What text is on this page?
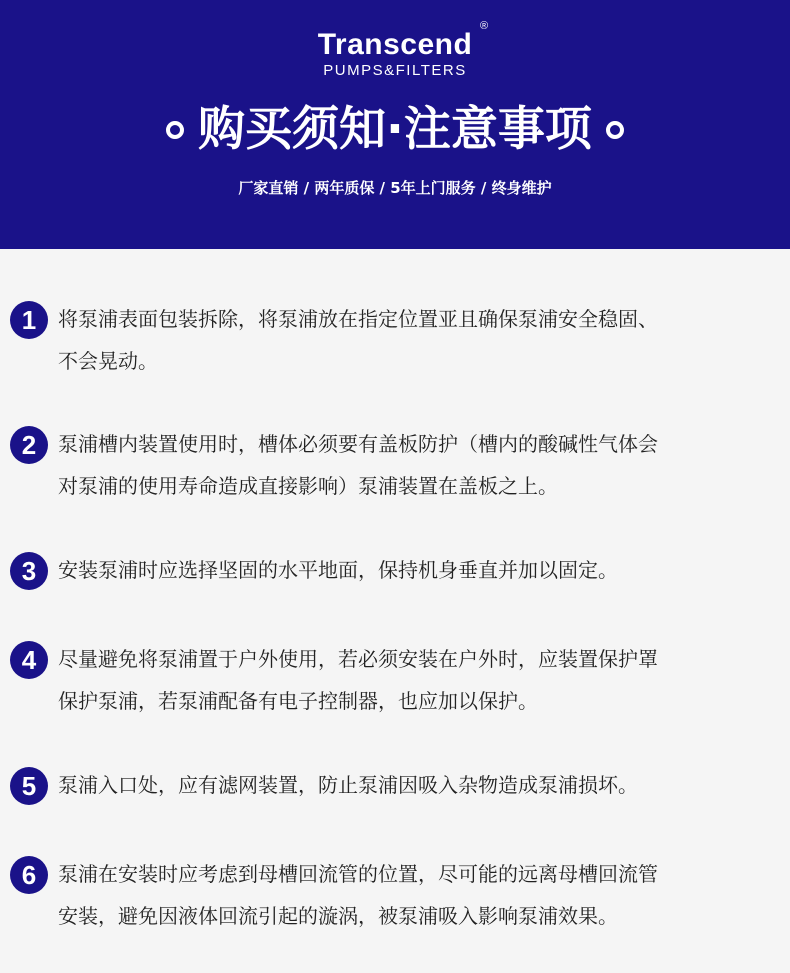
Transcend
®
PUMPS&FILTERS
购买须知·注意事项
厂家直销 / 两年质保 / 5年上门服务 / 终身维护
1	将泵浦表面包装拆除，将泵浦放在指定位置亚且确保泵浦安全稳固、
不会晃动。
2	泵浦槽内装置使用时，槽体必须要有盖板防护（槽内的酸碱性气体会
对泵浦的使用寿命造成直接影响）泵浦装置在盖板之上。
3	安装泵浦时应选择坚固的水平地面，保持机身垂直并加以固定。
4	尽量避免将泵浦置于户外使用，若必须安装在户外时，应装置保护罩
保护泵浦，若泵浦配备有电子控制器，也应加以保护。
5	泵浦入口处，应有滤网装置，防止泵浦因吸入杂物造成泵浦损坏。
6	泵浦在安装时应考虑到母槽回流管的位置，尽可能的远离母槽回流管
安装，避免因液体回流引起的漩涡，被泵浦吸入影响泵浦效果。
